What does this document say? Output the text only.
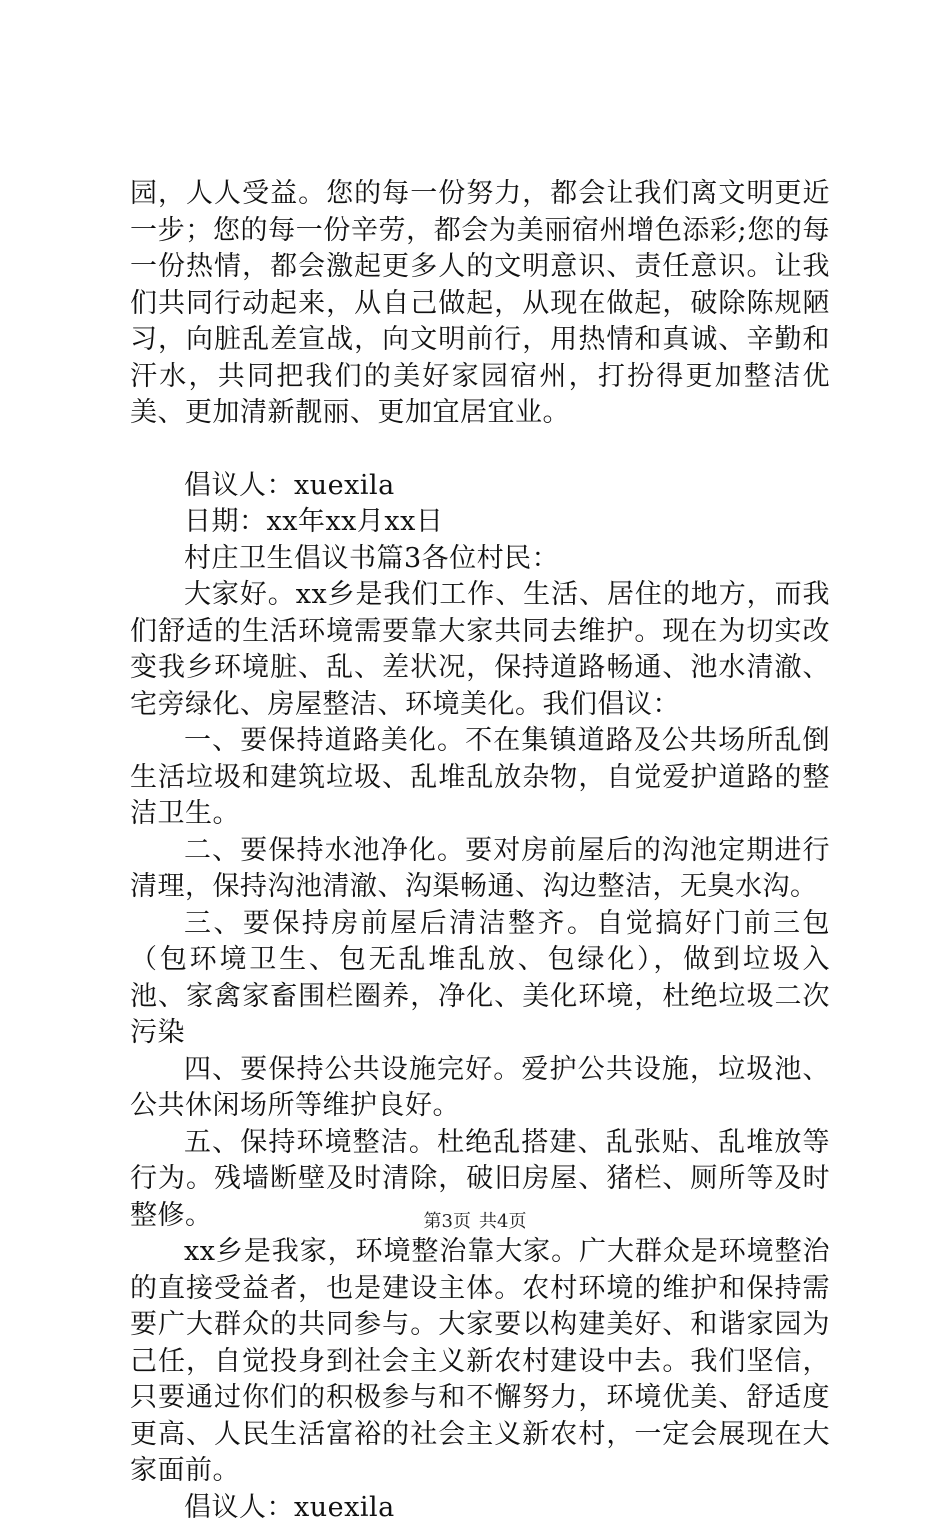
园，人人受益。您的每一份努力，都会让我们离文明更近一步；您的每一份辛劳，都会为美丽宿州增色添彩;您的每一份热情，都会激起更多人的文明意识、责任意识。让我们共同行动起来，从自己做起，从现在做起，破除陈规陋习，向脏乱差宣战，向文明前行，用热情和真诚、辛勤和汗水，共同把我们的美好家园宿州，打扮得更加整洁优美、更加清新靓丽、更加宜居宜业。

倡议人：xuexila

日期：xx年xx月xx日

村庄卫生倡议书篇3各位村民：

大家好。xx乡是我们工作、生活、居住的地方，而我们舒适的生活环境需要靠大家共同去维护。现在为切实改变我乡环境脏、乱、差状况，保持道路畅通、池水清澈、宅旁绿化、房屋整洁、环境美化。我们倡议：

一、要保持道路美化。不在集镇道路及公共场所乱倒生活垃圾和建筑垃圾、乱堆乱放杂物，自觉爱护道路的整洁卫生。

二、要保持水池净化。要对房前屋后的沟池定期进行清理，保持沟池清澈、沟渠畅通、沟边整洁，无臭水沟。

三、要保持房前屋后清洁整齐。自觉搞好门前三包（包环境卫生、包无乱堆乱放、包绿化），做到垃圾入池、家禽家畜围栏圈养，净化、美化环境，杜绝垃圾二次污染

四、要保持公共设施完好。爱护公共设施，垃圾池、公共休闲场所等维护良好。

五、保持环境整洁。杜绝乱搭建、乱张贴、乱堆放等行为。残墙断壁及时清除，破旧房屋、猪栏、厕所等及时整修。

xx乡是我家，环境整治靠大家。广大群众是环境整治的直接受益者，也是建设主体。农村环境的维护和保持需要广大群众的共同参与。大家要以构建美好、和谐家园为己任，自觉投身到社会主义新农村建设中去。我们坚信，只要通过你们的积极参与和不懈努力，环境优美、舒适度更高、人民生活富裕的社会主义新农村，一定会展现在大家面前。

倡议人：xuexila

第3页 共4页
